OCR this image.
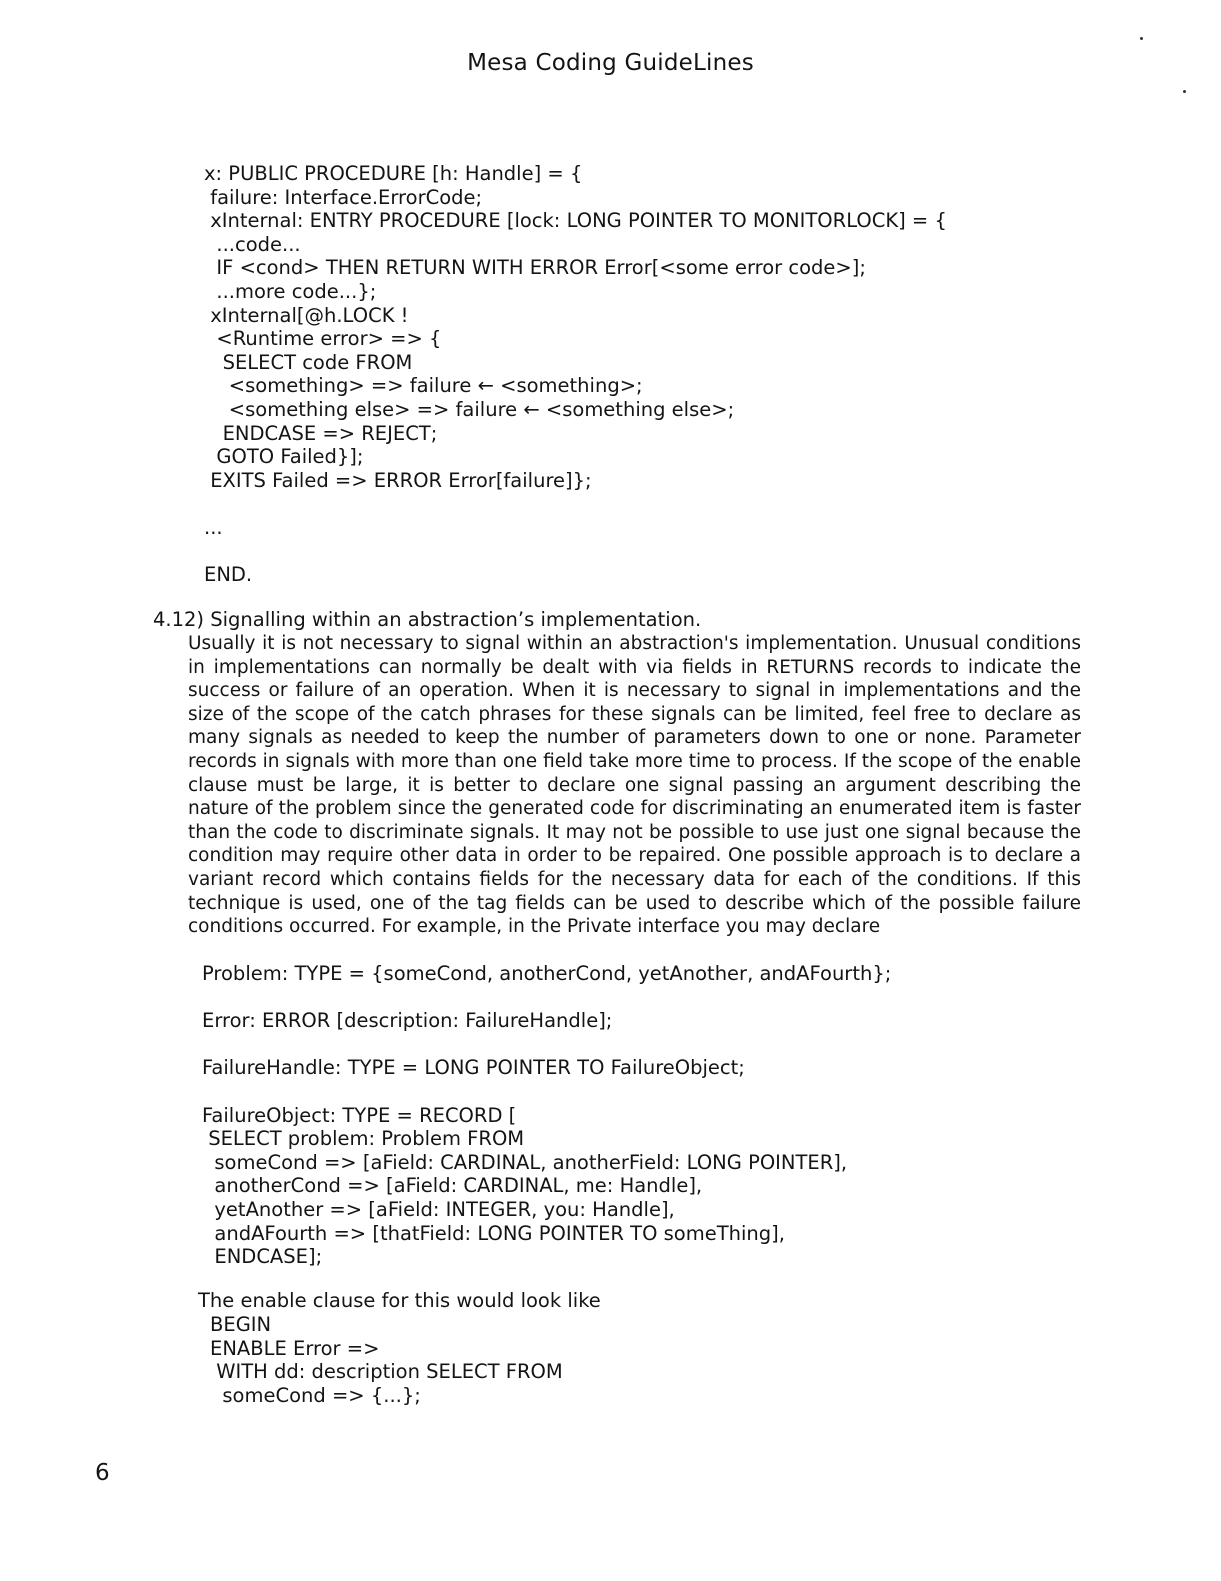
Mesa Coding GuideLines
x: PUBLIC PROCEDURE [h: Handle] = {
failure: Interface.ErrorCode;
xInternal: ENTRY PROCEDURE [lock: LONG POINTER TO MONITORLOCK] = {
...code...
IF <cond> THEN RETURN WITH ERROR Error[<some error code>];
...more code...};
xInternal[@h.LOCK !
<Runtime error> => {
SELECT code FROM
<something> => failure ← <something>;
<something else> => failure ← <something else>;
ENDCASE => REJECT;
GOTO Failed}];
EXITS Failed => ERROR Error[failure]};

...

END.

4.12) Signalling within an abstraction’s implementation.

Usually it is not necessary to signal within an abstraction's implementation. Unusual conditions in implementations can normally be dealt with via fields in RETURNS records to indicate the success or failure of an operation. When it is necessary to signal in implementations and the size of the scope of the catch phrases for these signals can be limited, feel free to declare as many signals as needed to keep the number of parameters down to one or none. Parameter records in signals with more than one field take more time to process. If the scope of the enable clause must be large, it is better to declare one signal passing an argument describing the nature of the problem since the generated code for discriminating an enumerated item is faster than the code to discriminate signals. It may not be possible to use just one signal because the condition may require other data in order to be repaired. One possible approach is to declare a variant record which contains fields for the necessary data for each of the conditions. If this technique is used, one of the tag fields can be used to describe which of the possible failure conditions occurred. For example, in the Private interface you may declare

Problem: TYPE = {someCond, anotherCond, yetAnother, andAFourth};

Error: ERROR [description: FailureHandle];

FailureHandle: TYPE = LONG POINTER TO FailureObject;

FailureObject: TYPE = RECORD [
SELECT problem: Problem FROM
someCond => [aField: CARDINAL, anotherField: LONG POINTER],
anotherCond => [aField: CARDINAL, me: Handle],
yetAnother => [aField: INTEGER, you: Handle],
andAFourth => [thatField: LONG POINTER TO someThing],
ENDCASE];
The enable clause for this would look like
BEGIN
ENABLE Error =>
WITH dd: description SELECT FROM
someCond => {...};
6
